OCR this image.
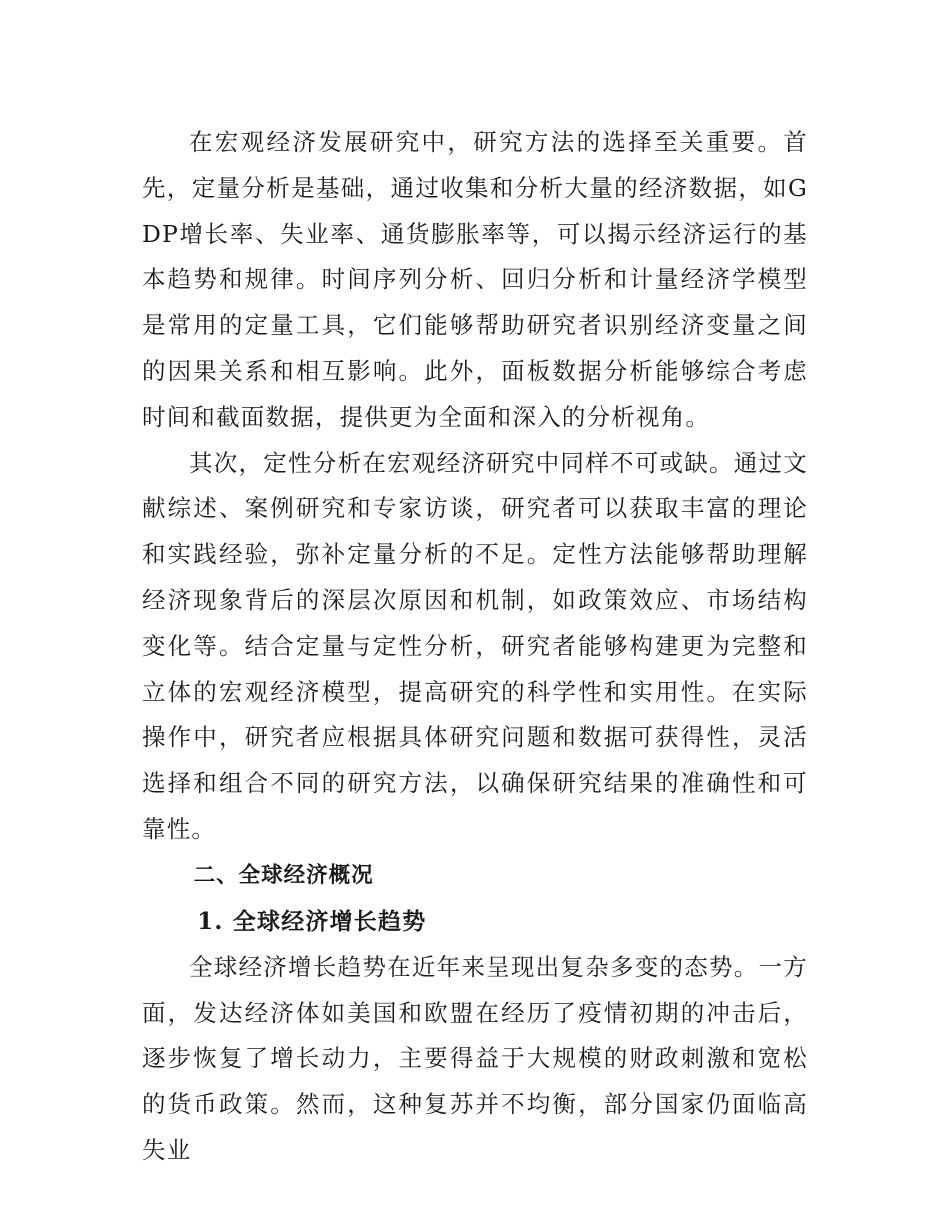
在宏观经济发展研究中，研究方法的选择至关重要。首先，定量分析是基础，通过收集和分析大量的经济数据，如GDP增长率、失业率、通货膨胀率等，可以揭示经济运行的基本趋势和规律。时间序列分析、回归分析和计量经济学模型是常用的定量工具，它们能够帮助研究者识别经济变量之间的因果关系和相互影响。此外，面板数据分析能够综合考虑时间和截面数据，提供更为全面和深入的分析视角。

其次，定性分析在宏观经济研究中同样不可或缺。通过文献综述、案例研究和专家访谈，研究者可以获取丰富的理论和实践经验，弥补定量分析的不足。定性方法能够帮助理解经济现象背后的深层次原因和机制，如政策效应、市场结构变化等。结合定量与定性分析，研究者能够构建更为完整和立体的宏观经济模型，提高研究的科学性和实用性。在实际操作中，研究者应根据具体研究问题和数据可获得性，灵活选择和组合不同的研究方法，以确保研究结果的准确性和可靠性。

二、全球经济概况
1. 全球经济增长趋势

全球经济增长趋势在近年来呈现出复杂多变的态势。一方面，发达经济体如美国和欧盟在经历了疫情初期的冲击后，逐步恢复了增长动力，主要得益于大规模的财政刺激和宽松的货币政策。然而，这种复苏并不均衡，部分国家仍面临高失业
